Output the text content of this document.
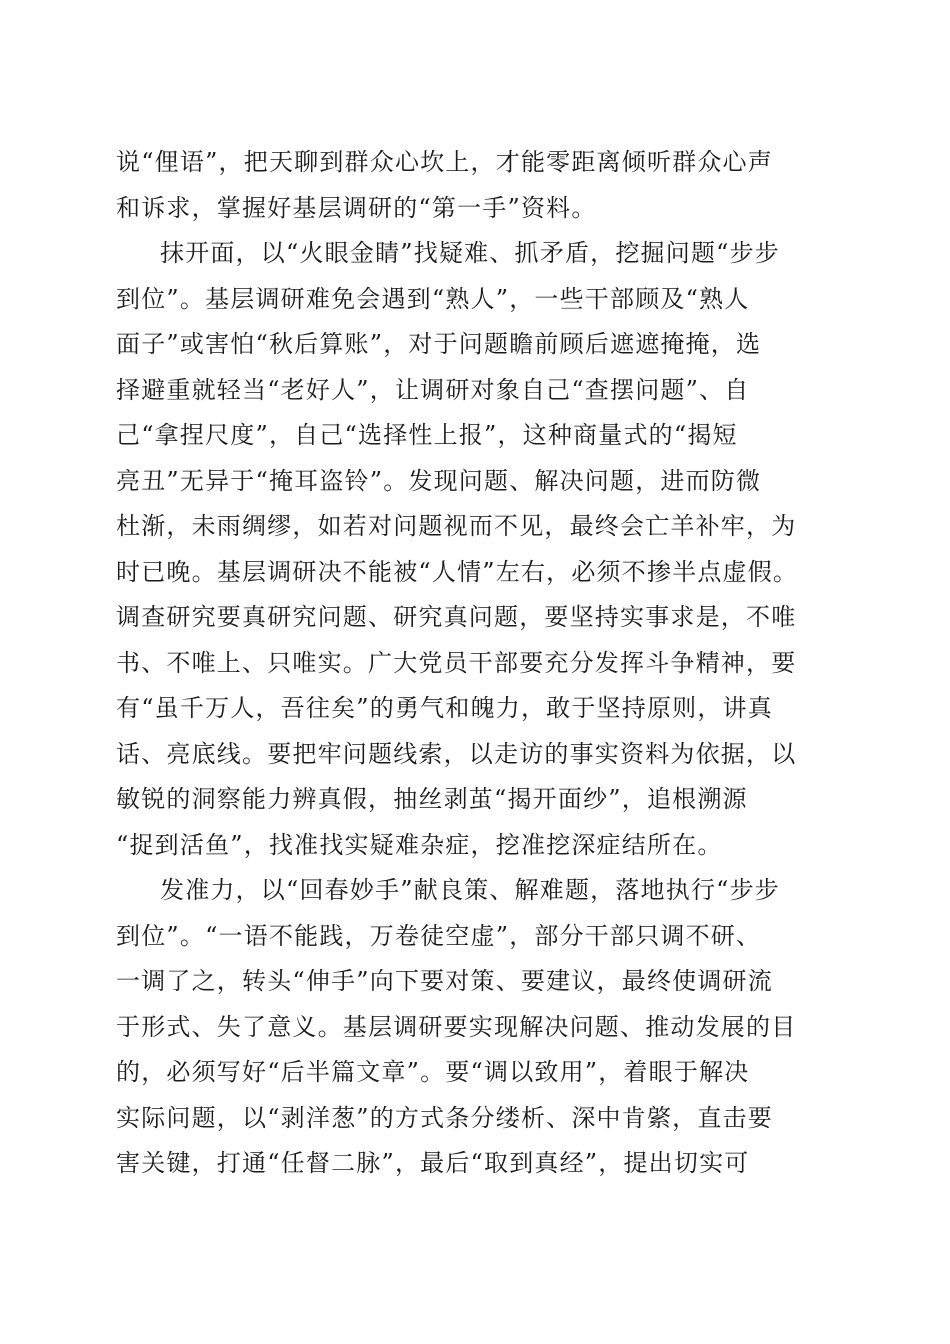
说“俚语”，把天聊到群众心坎上，才能零距离倾听群众心声
和诉求，掌握好基层调研的“第一手”资料。
抹开面，以“火眼金睛”找疑难、抓矛盾，挖掘问题“步步
到位”。基层调研难免会遇到“熟人”，一些干部顾及“熟人
面子”或害怕“秋后算账”，对于问题瞻前顾后遮遮掩掩，选
择避重就轻当“老好人”，让调研对象自己“查摆问题”、自
己“拿捏尺度”，自己“选择性上报”，这种商量式的“揭短
亮丑”无异于“掩耳盗铃”。发现问题、解决问题，进而防微
杜渐，未雨绸缪，如若对问题视而不见，最终会亡羊补牢，为
时已晚。基层调研决不能被“人情”左右，必须不掺半点虚假。
调查研究要真研究问题、研究真问题，要坚持实事求是，不唯
书、不唯上、只唯实。广大党员干部要充分发挥斗争精神，要
有“虽千万人，吾往矣”的勇气和魄力，敢于坚持原则，讲真
话、亮底线。要把牢问题线索，以走访的事实资料为依据，以
敏锐的洞察能力辨真假，抽丝剥茧“揭开面纱”，追根溯源
“捉到活鱼”，找准找实疑难杂症，挖准挖深症结所在。
发准力，以“回春妙手”献良策、解难题，落地执行“步步
到位”。“一语不能践，万卷徒空虚”，部分干部只调不研、
一调了之，转头“伸手”向下要对策、要建议，最终使调研流
于形式、失了意义。基层调研要实现解决问题、推动发展的目
的，必须写好“后半篇文章”。要“调以致用”，着眼于解决
实际问题，以“剥洋葱”的方式条分缕析、深中肯綮，直击要
害关键，打通“任督二脉”，最后“取到真经”，提出切实可
